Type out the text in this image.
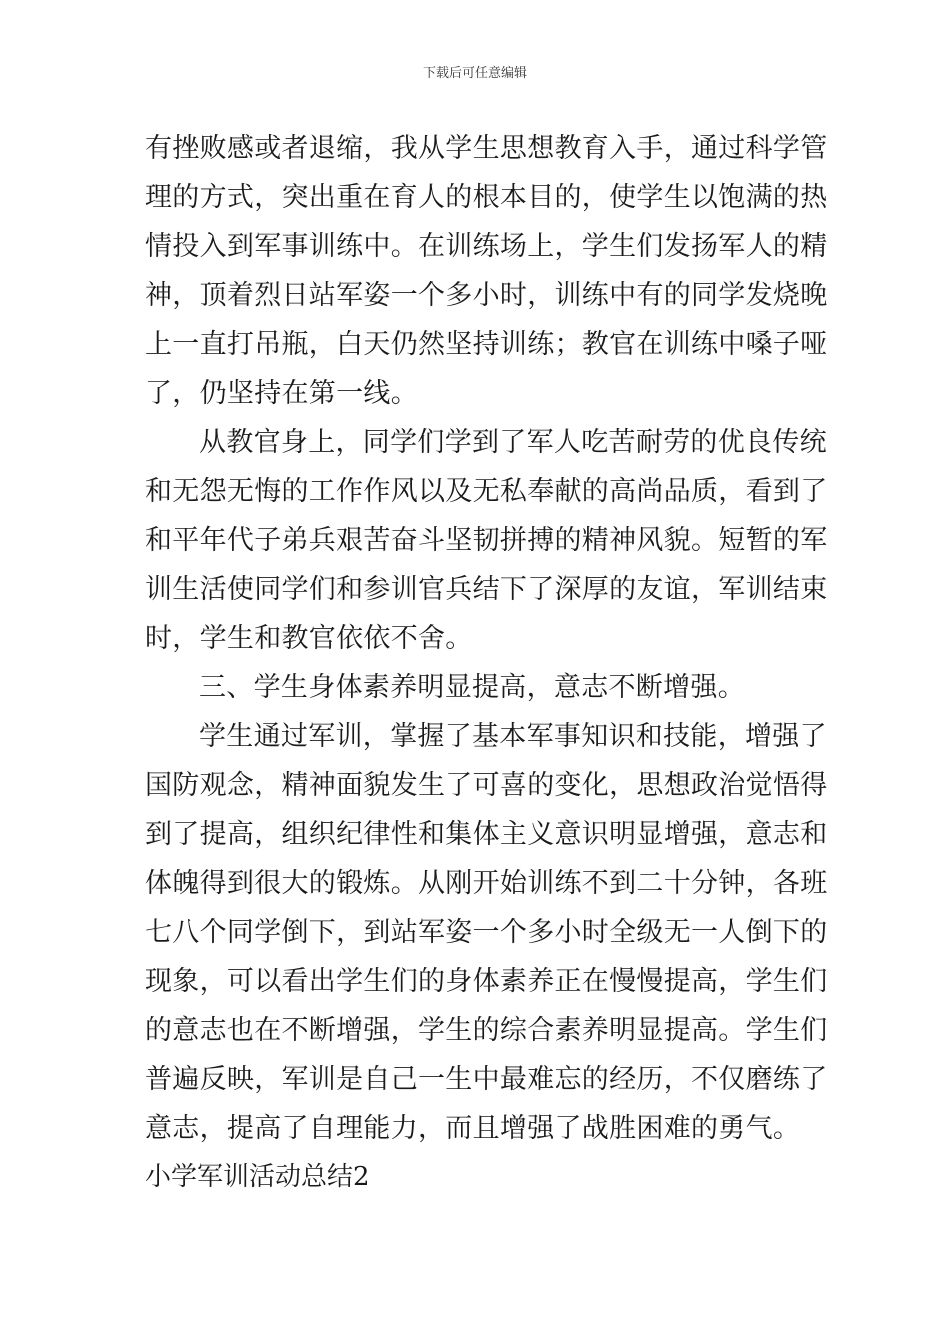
下载后可任意编辑
有挫败感或者退缩，我从学生思想教育入手，通过科学管
理的方式，突出重在育人的根本目的，使学生以饱满的热
情投入到军事训练中。在训练场上，学生们发扬军人的精
神，顶着烈日站军姿一个多小时，训练中有的同学发烧晚
上一直打吊瓶，白天仍然坚持训练；教官在训练中嗓子哑
了，仍坚持在第一线。
从教官身上，同学们学到了军人吃苦耐劳的优良传统
和无怨无悔的工作作风以及无私奉献的高尚品质，看到了
和平年代子弟兵艰苦奋斗坚韧拼搏的精神风貌。短暂的军
训生活使同学们和参训官兵结下了深厚的友谊，军训结束
时，学生和教官依依不舍。
三、学生身体素养明显提高，意志不断增强。
学生通过军训，掌握了基本军事知识和技能，增强了
国防观念，精神面貌发生了可喜的变化，思想政治觉悟得
到了提高，组织纪律性和集体主义意识明显增强，意志和
体魄得到很大的锻炼。从刚开始训练不到二十分钟，各班
七八个同学倒下，到站军姿一个多小时全级无一人倒下的
现象，可以看出学生们的身体素养正在慢慢提高，学生们
的意志也在不断增强，学生的综合素养明显提高。学生们
普遍反映，军训是自己一生中最难忘的经历，不仅磨练了
意志，提高了自理能力，而且增强了战胜困难的勇气。
小学军训活动总结2
